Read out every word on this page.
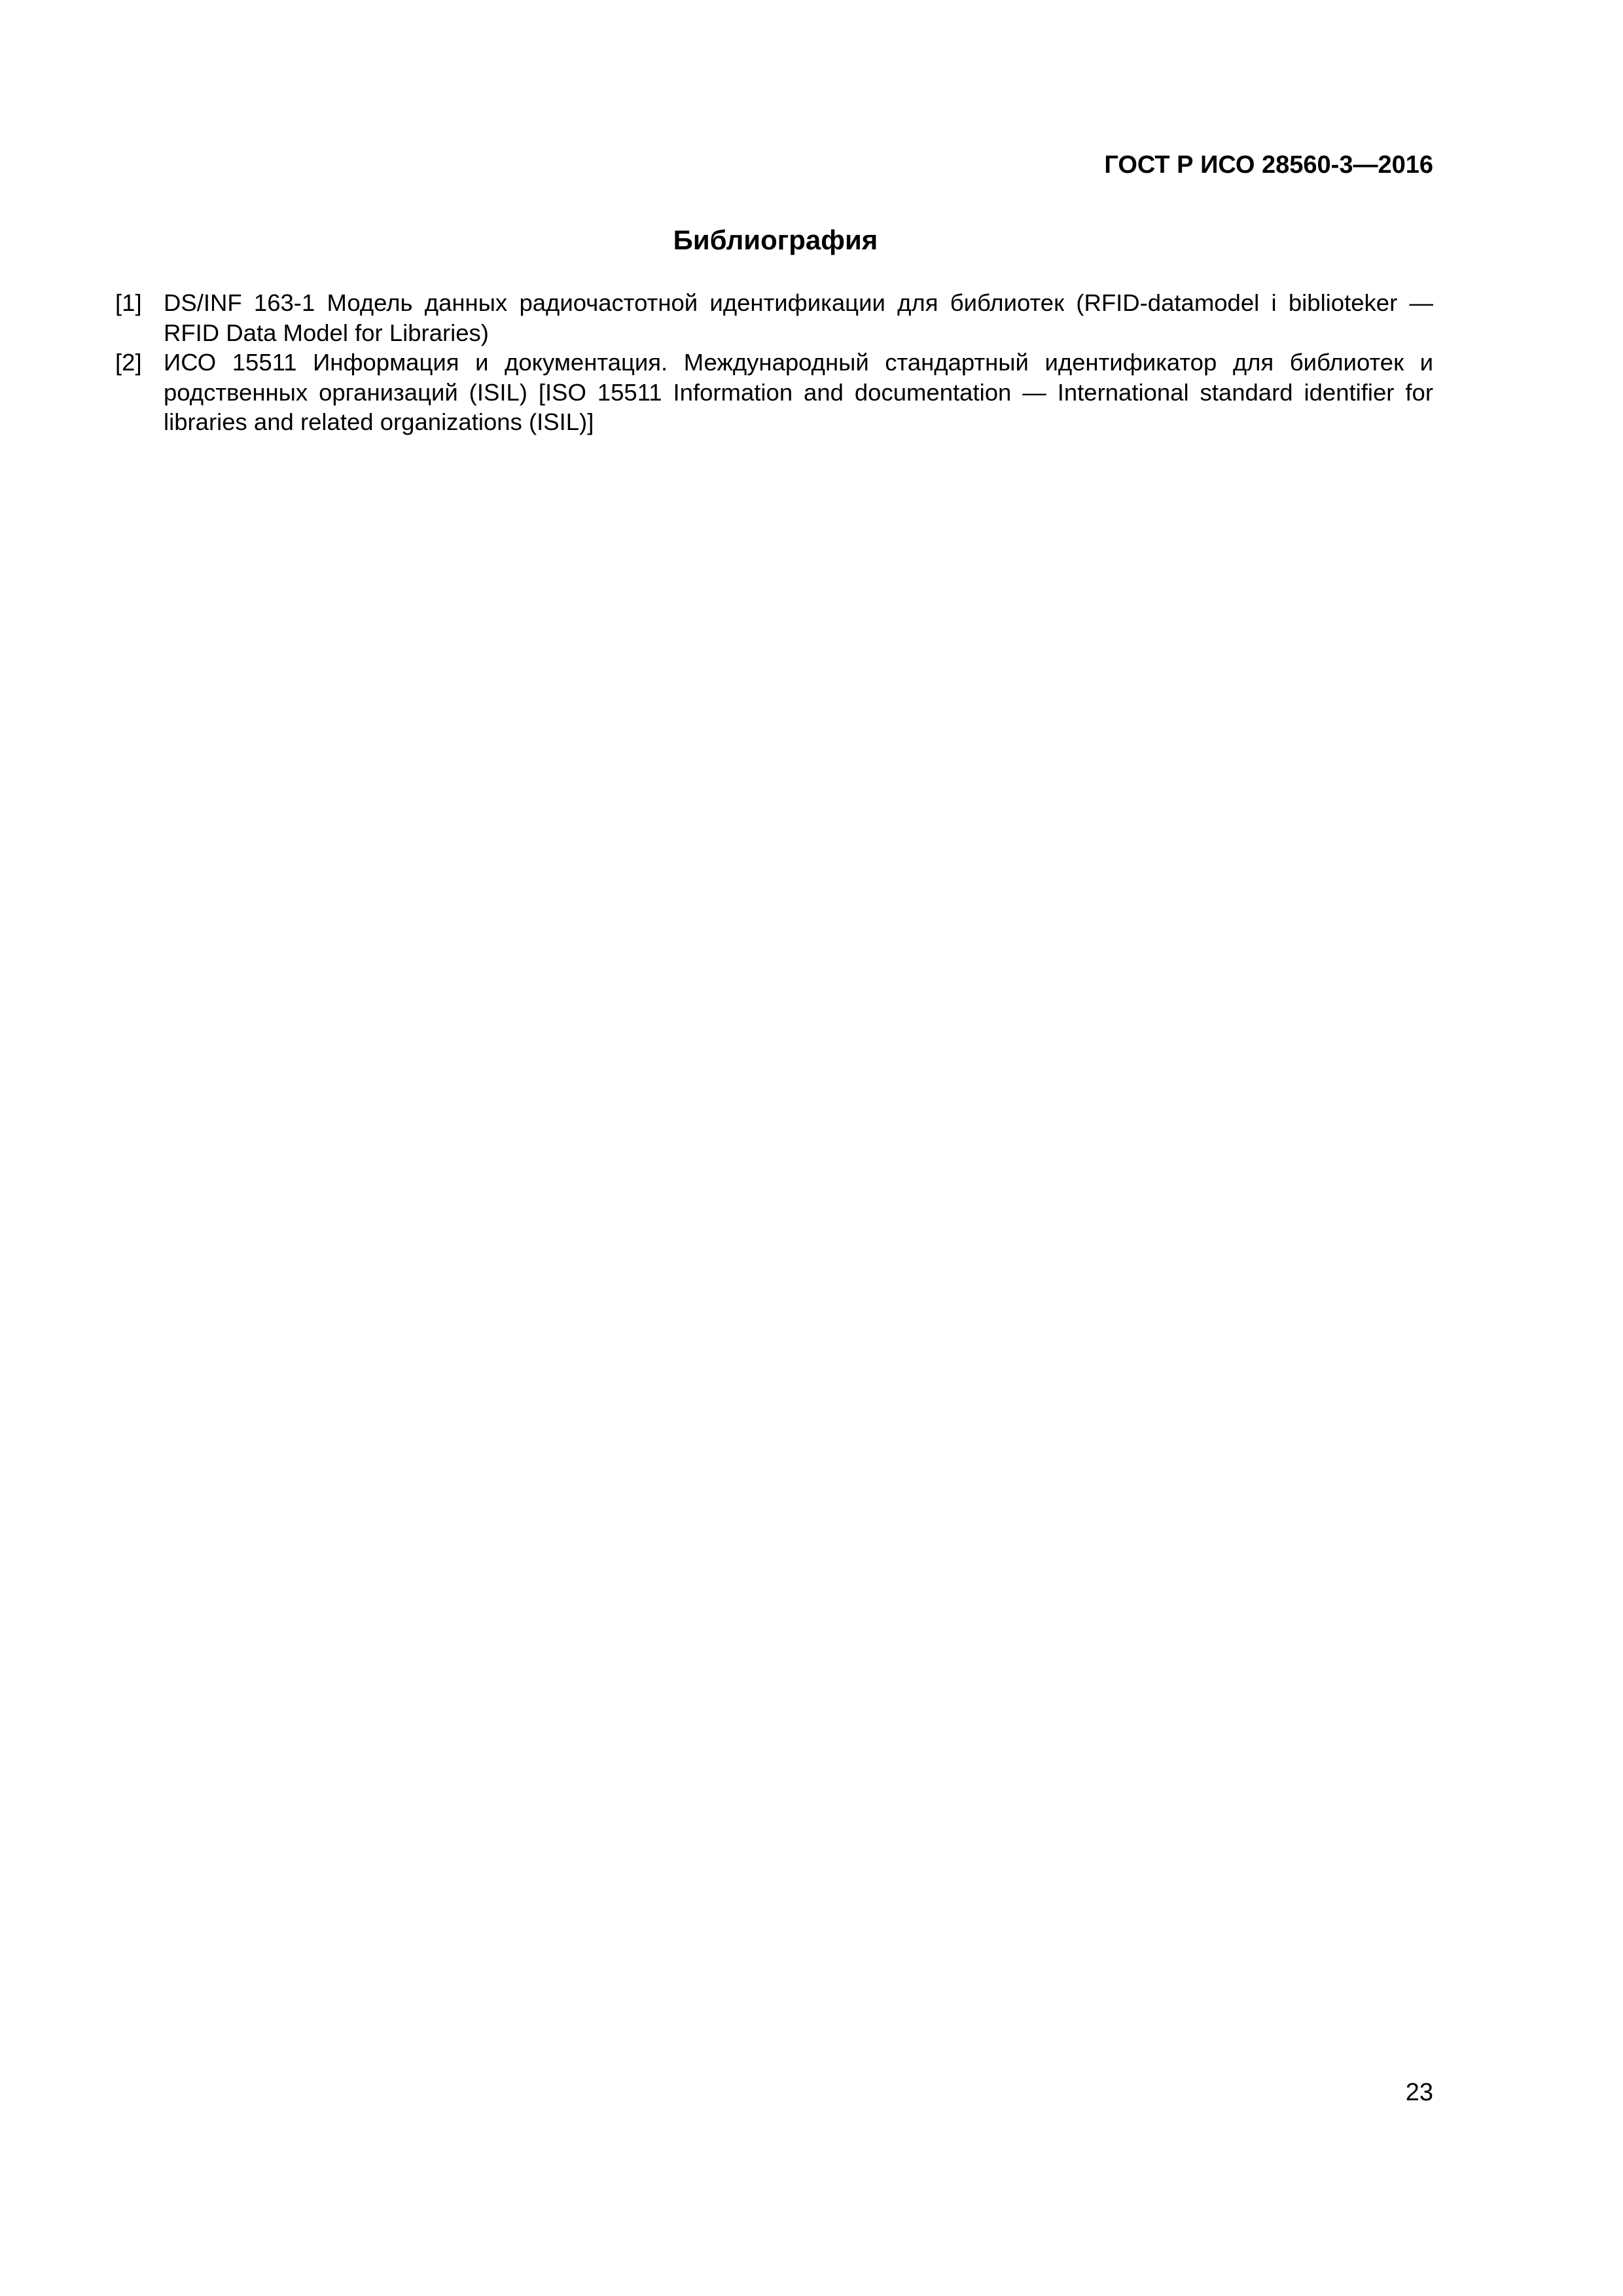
ГОСТ Р ИСО 28560-3—2016
Библиография
[1] DS/INF 163-1 Модель данных радиочастотной идентификации для библиотек (RFID-datamodel i biblioteker — RFID Data Model for Libraries)
[2] ИСО 15511 Информация и документация. Международный стандартный идентификатор для библиотек и родственных организаций (ISIL) [ISO 15511 Information and documentation — International standard identifier for libraries and related organizations (ISIL)]
23
